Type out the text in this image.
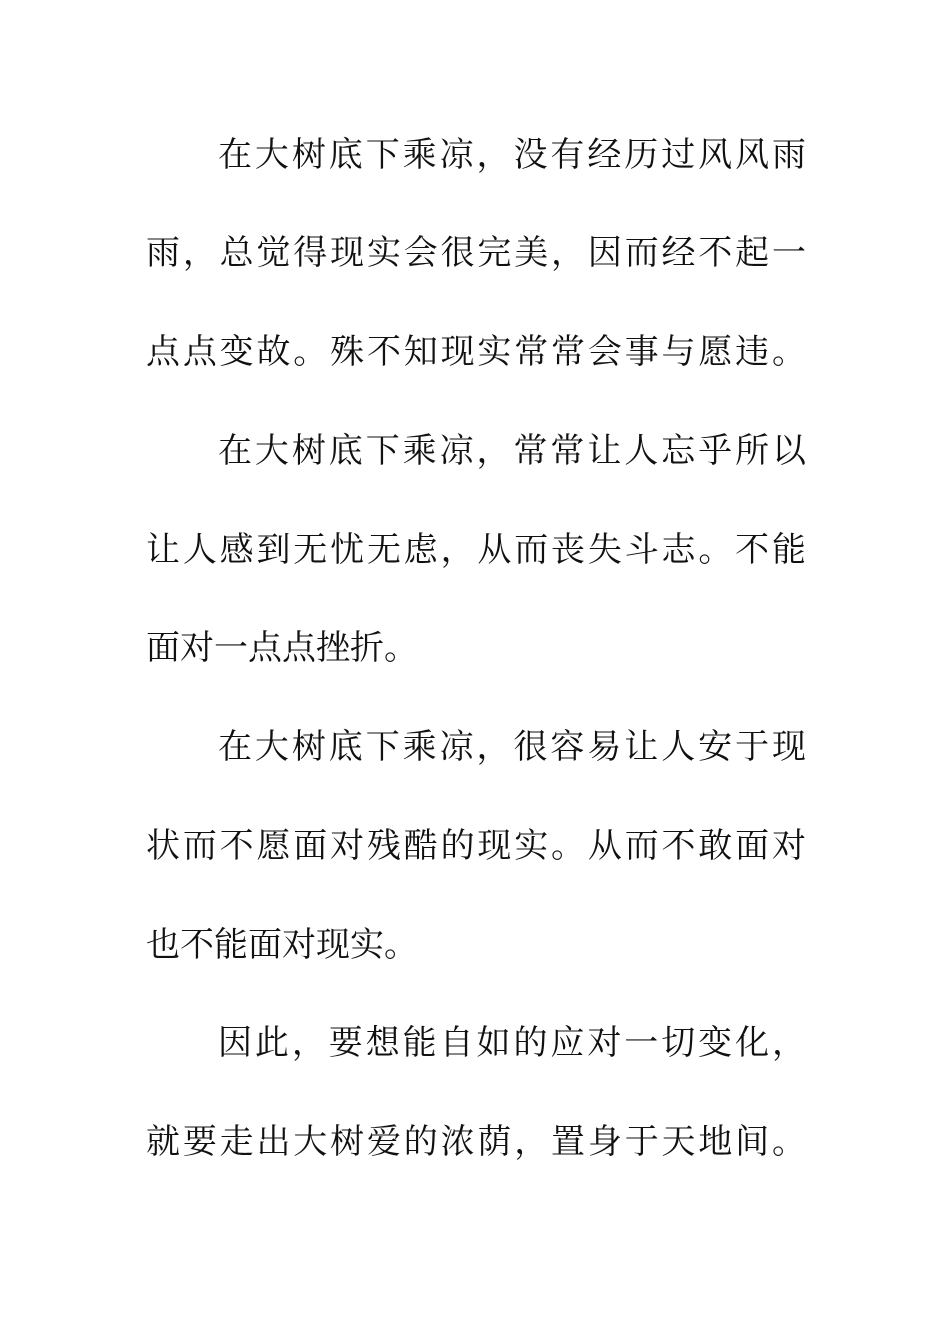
在大树底下乘凉，没有经历过风风雨
雨，总觉得现实会很完美，因而经不起一
点点变故。殊不知现实常常会事与愿违。
在大树底下乘凉，常常让人忘乎所以
让人感到无忧无虑，从而丧失斗志。不能
面对一点点挫折。
在大树底下乘凉，很容易让人安于现
状而不愿面对残酷的现实。从而不敢面对
也不能面对现实。
因此，要想能自如的应对一切变化，
就要走出大树爱的浓荫，置身于天地间。
